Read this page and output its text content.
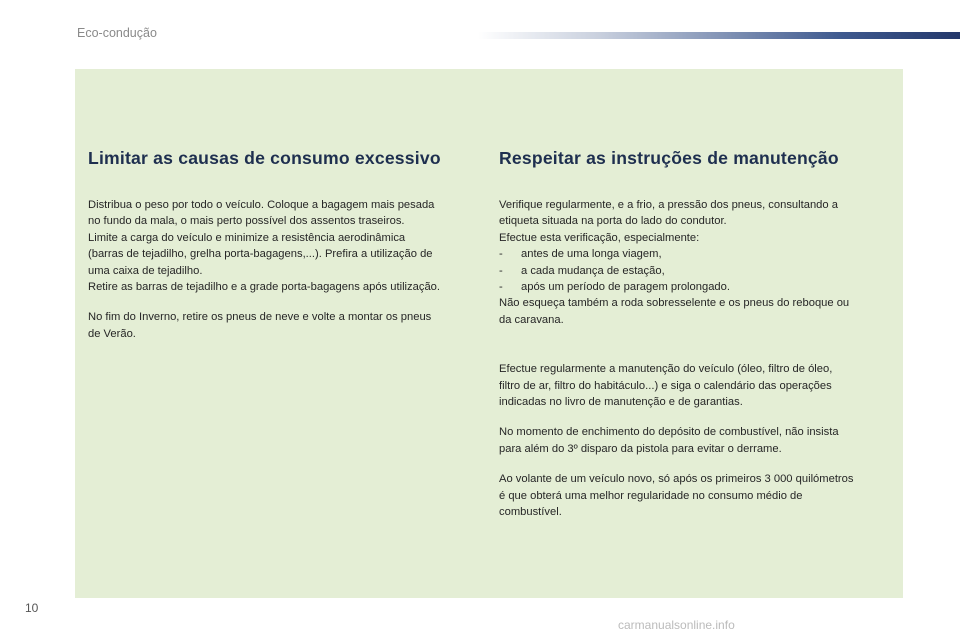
Eco-condução
Limitar as causas de consumo excessivo

Distribua o peso por todo o veículo. Coloque a bagagem mais pesada
no fundo da mala, o mais perto possível dos assentos traseiros.
Limite a carga do veículo e minimize a resistência aerodinâmica
(barras de tejadilho, grelha porta-bagagens,...). Prefira a utilização de
uma caixa de tejadilho.
Retire as barras de tejadilho e a grade porta-bagagens após utilização.

No fim do Inverno, retire os pneus de neve e volte a montar os pneus
de Verão.

Respeitar as instruções de manutenção

Verifique regularmente, e a frio, a pressão dos pneus, consultando a
etiqueta situada na porta do lado do condutor.
Efectue esta verificação, especialmente:

-	antes de uma longa viagem,

-	a cada mudança de estação,

-	após um período de paragem prolongado.

Não esqueça também a roda sobresselente e os pneus do reboque ou
da caravana.

Efectue regularmente a manutenção do veículo (óleo, filtro de óleo,
filtro de ar, filtro do habitáculo...) e siga o calendário das operações
indicadas no livro de manutenção e de garantias.

No momento de enchimento do depósito de combustível, não insista
para além do 3º disparo da pistola para evitar o derrame.

Ao volante de um veículo novo, só após os primeiros 3 000 quilómetros
é que obterá uma melhor regularidade no consumo médio de
combustível.

10
carmanualsonline.info
